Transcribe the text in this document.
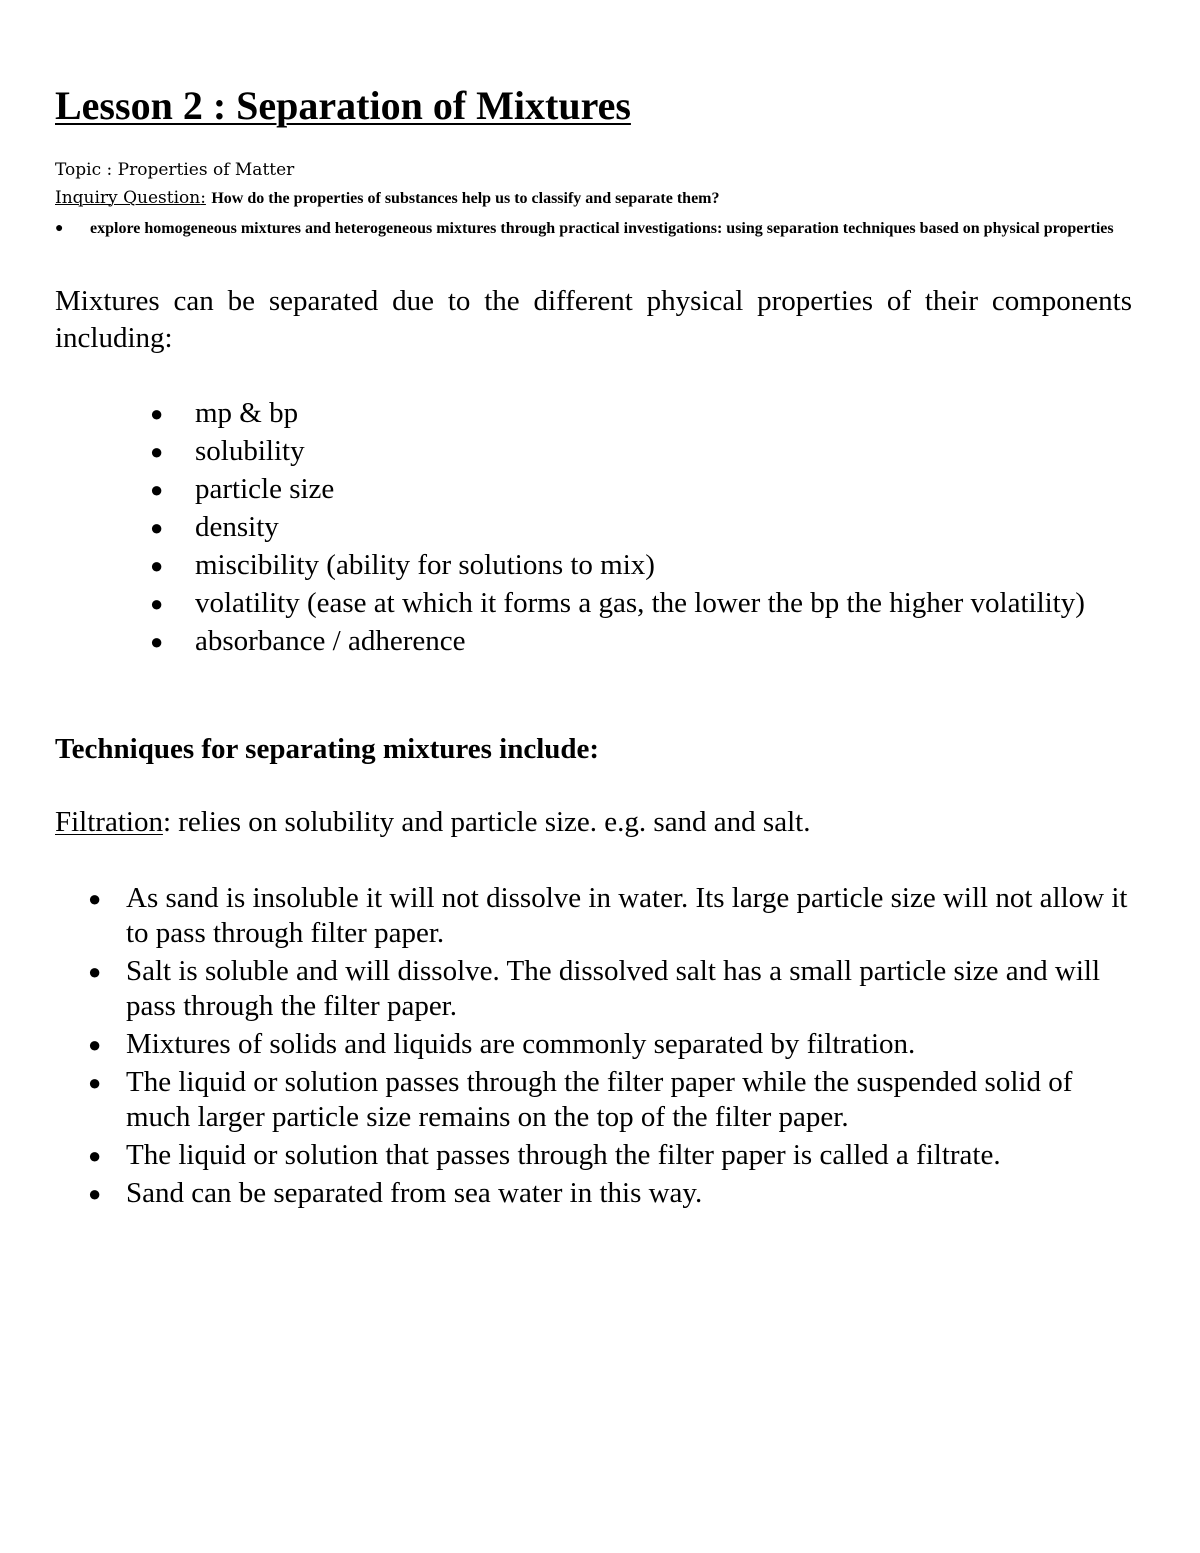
Lesson 2 : Separation of Mixtures
Topic : Properties of Matter
Inquiry Question: How do the properties of substances help us to classify and separate them?
●	explore homogeneous mixtures and heterogeneous mixtures through practical investigations: using separation techniques based on physical properties

Mixtures can be separated due to the different physical properties of their components including:

● mp & bp
● solubility
● particle size
● density
● miscibility (ability for solutions to mix)
● volatility (ease at which it forms a gas, the lower the bp the higher volatility)
● absorbance / adherence
Techniques for separating mixtures include:

Filtration: relies on solubility and particle size. e.g. sand and salt.

● As sand is insoluble it will not dissolve in water. Its large particle size will not allow it to pass through filter paper.
● Salt is soluble and will dissolve. The dissolved salt has a small particle size and will pass through the filter paper.
● Mixtures of solids and liquids are commonly separated by filtration.
● The liquid or solution passes through the filter paper while the suspended solid of much larger particle size remains on the top of the filter paper.
● The liquid or solution that passes through the filter paper is called a filtrate.
● Sand can be separated from sea water in this way.
